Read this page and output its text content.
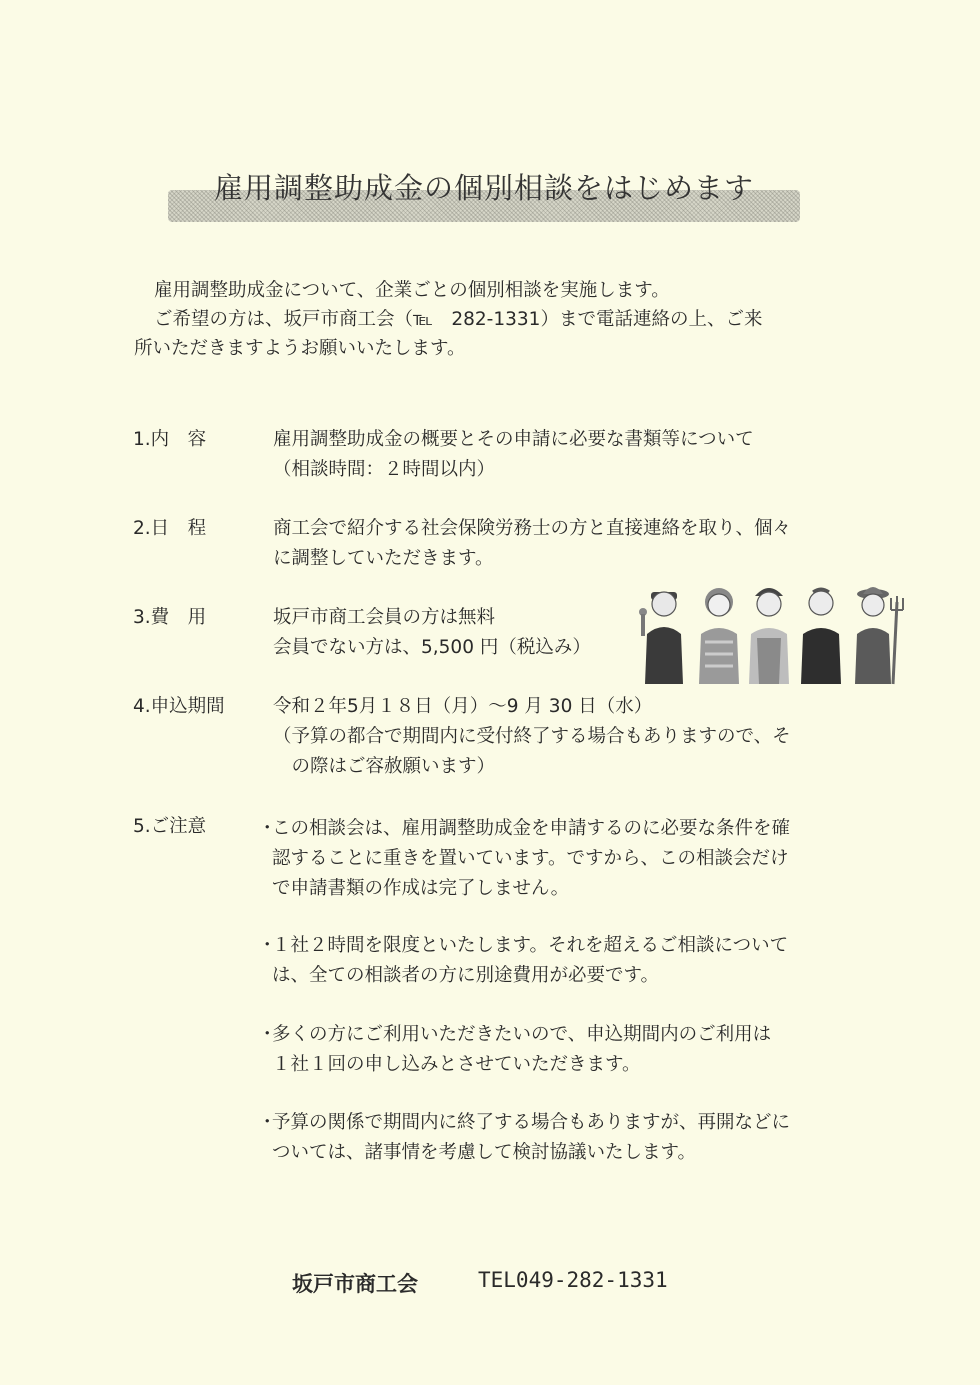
雇用調整助成金の個別相談をはじめます

雇用調整助成金について、企業ごとの個別相談を実施します。

ご希望の方は、坂戸市商工会（℡　282-1331）まで電話連絡の上、ご来

所いただきますようお願いいたします。

1.内　容	雇用調整助成金の概要とその申請に必要な書類等について

（相談時間：２時間以内）

2.日　程	商工会で紹介する社会保険労務士の方と直接連絡を取り、個々

に調整していただきます。

3.費　用	坂戸市商工会員の方は無料

会員でない方は、5,500 円（税込み）

4.申込期間	令和２年5月１８日（月）～9 月 30 日（水）

（予算の都合で期間内に受付終了する場合もありますので、そ

　の際はご容赦願います）

5.ご注意	・

この相談会は、雇用調整助成金を申請するのに必要な条件を確

認することに重きを置いています。ですから、この相談会だけ

で申請書類の作成は完了しません。

・

１社２時間を限度といたします。それを超えるご相談について

は、全ての相談者の方に別途費用が必要です。

・

多くの方にご利用いただきたいので、申込期間内のご利用は

１社１回の申し込みとさせていただきます。

・

予算の関係で期間内に終了する場合もありますが、再開などに

ついては、諸事情を考慮して検討協議いたします。

坂戸市商工会	TEL049-282-1331
